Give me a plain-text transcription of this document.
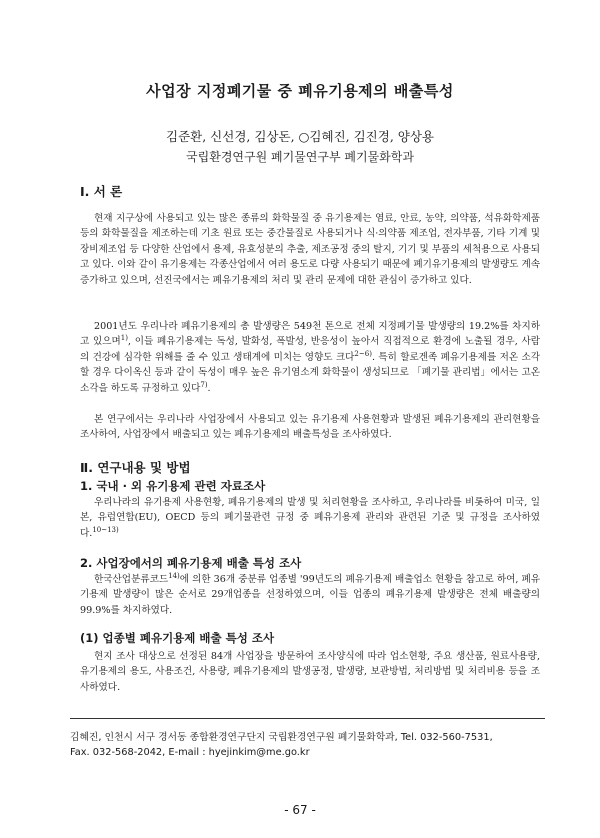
사업장 지정폐기물 중 폐유기용제의 배출특성
김준환, 신선경, 김상돈, ○김혜진, 김진경, 양상용
국립환경연구원 폐기물연구부 폐기물화학과
Ⅰ. 서 론

현재 지구상에 사용되고 있는 많은 종류의 화학물질 중 유기용제는 염료, 안료, 농약, 의약품, 석유화학제품 등의 화학물질을 제조하는데 기초 원료 또는 중간물질로 사용되거나 식·의약품 제조업, 전자부품, 기타 기계 및 장비제조업 등 다양한 산업에서 용제, 유효성분의 추출, 제조공정 중의 탈지, 기기 및 부품의 세척용으로 사용되고 있다. 이와 같이 유기용제는 각종산업에서 여러 용도로 다량 사용되기 때문에 폐기유기용제의 발생량도 계속 증가하고 있으며, 선진국에서는 폐유기용제의 처리 및 관리 문제에 대한 관심이 증가하고 있다.

2001년도 우리나라 폐유기용제의 총 발생량은 549천 톤으로 전체 지정폐기물 발생량의 19.2%를 차지하고 있으며$^{1)}$, 이들 폐유기용제는 독성, 발화성, 폭발성, 반응성이 높아서 직접적으로 환경에 노출될 경우, 사람의 건강에 심각한 위해를 줄 수 있고 생태계에 미치는 영향도 크다$^{2\sim 6)}$. 특히 할로겐족 폐유기용제를 저온 소각할 경우 다이옥신 등과 같이 독성이 매우 높은 유기염소계 화학물이 생성되므로 「폐기물 관리법」에서는 고온 소각을 하도록 규정하고 있다$^{7)}$.

본 연구에서는 우리나라 사업장에서 사용되고 있는 유기용제 사용현황과 발생된 폐유기용제의 관리현황을 조사하여, 사업장에서 배출되고 있는 폐유기용제의 배출특성을 조사하였다.

Ⅱ. 연구내용 및 방법
1. 국내 · 외 유기용제 관련 자료조사

우리나라의 유기용제 사용현황, 폐유기용제의 발생 및 처리현황을 조사하고, 우리나라를 비롯하여 미국, 일본, 유럽연합(EU), OECD 등의 폐기물관련 규정 중 폐유기용제 관리와 관련된 기준 및 규정을 조사하였다.$^{10\sim 13)}$

2. 사업장에서의 폐유기용제 배출 특성 조사

한국산업분류코드$^{14)}$에 의한 36개 중분류 업종별 '99년도의 폐유기용제 배출업소 현황을 참고로 하여, 폐유기용제 발생량이 많은 순서로 29개업종을 선정하였으며, 이들 업종의 폐유기용제 발생량은 전체 배출량의 99.9%를 차지하였다.

(1) 업종별 폐유기용제 배출 특성 조사

현지 조사 대상으로 선정된 84개 사업장을 방문하여 조사양식에 따라 업소현황, 주요 생산품, 원료사용량, 유기용제의 용도, 사용조건, 사용량, 폐유기용제의 발생공정, 발생량, 보관방법, 처리방법 및 처리비용 등을 조사하였다.

김혜진, 인천시 서구 경서동 종합환경연구단지 국립환경연구원 폐기물화학과, Tel. 032-560-7531,
Fax. 032-568-2042, E-mail : hyejinkim@me.go.kr
- 67 -
